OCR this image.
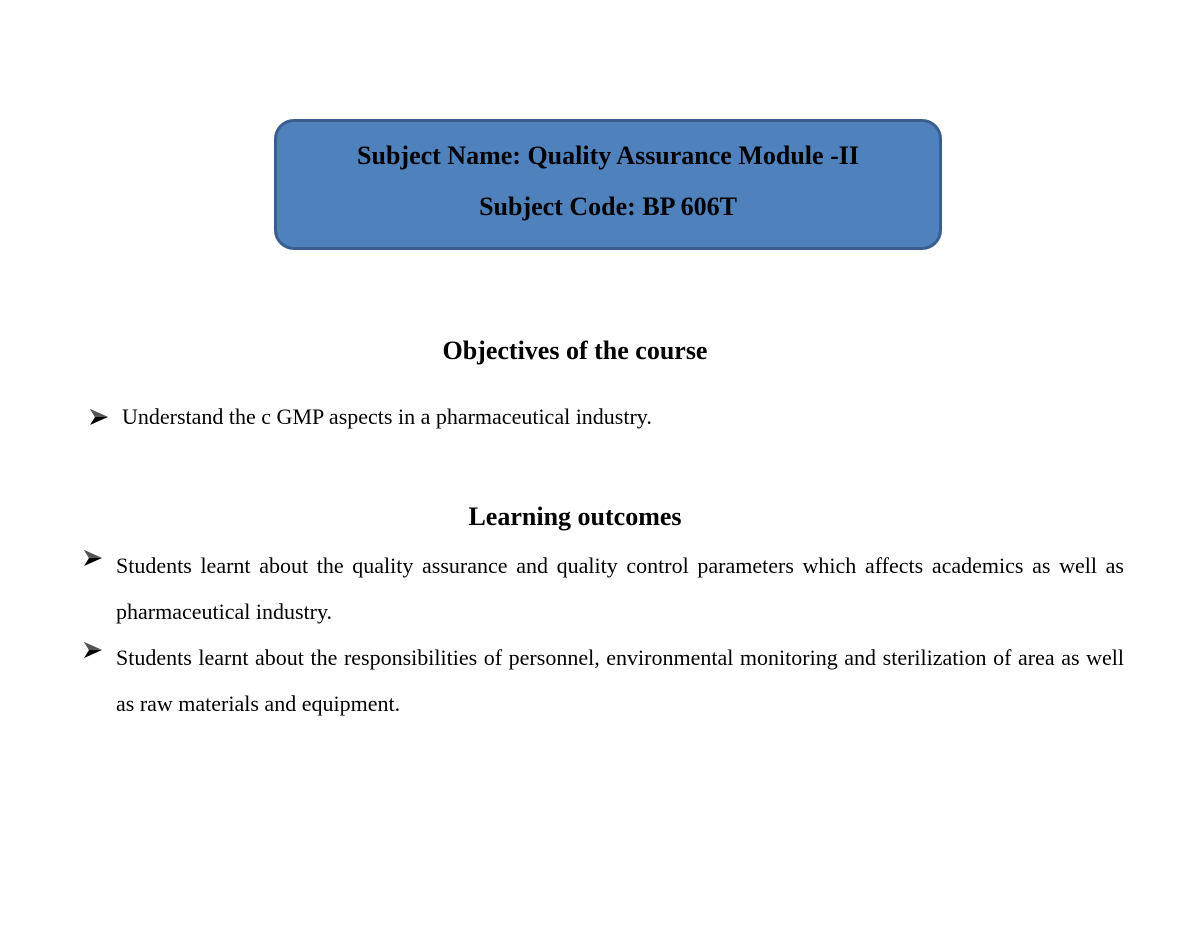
Subject Name: Quality Assurance Module -II
Subject Code: BP 606T
Objectives of the course
Understand the c GMP aspects in a pharmaceutical industry.
Learning outcomes
Students learnt about the quality assurance and quality control parameters which affects academics as well as pharmaceutical industry.
Students learnt about the responsibilities of personnel, environmental monitoring and sterilization of area as well as raw materials and equipment.
